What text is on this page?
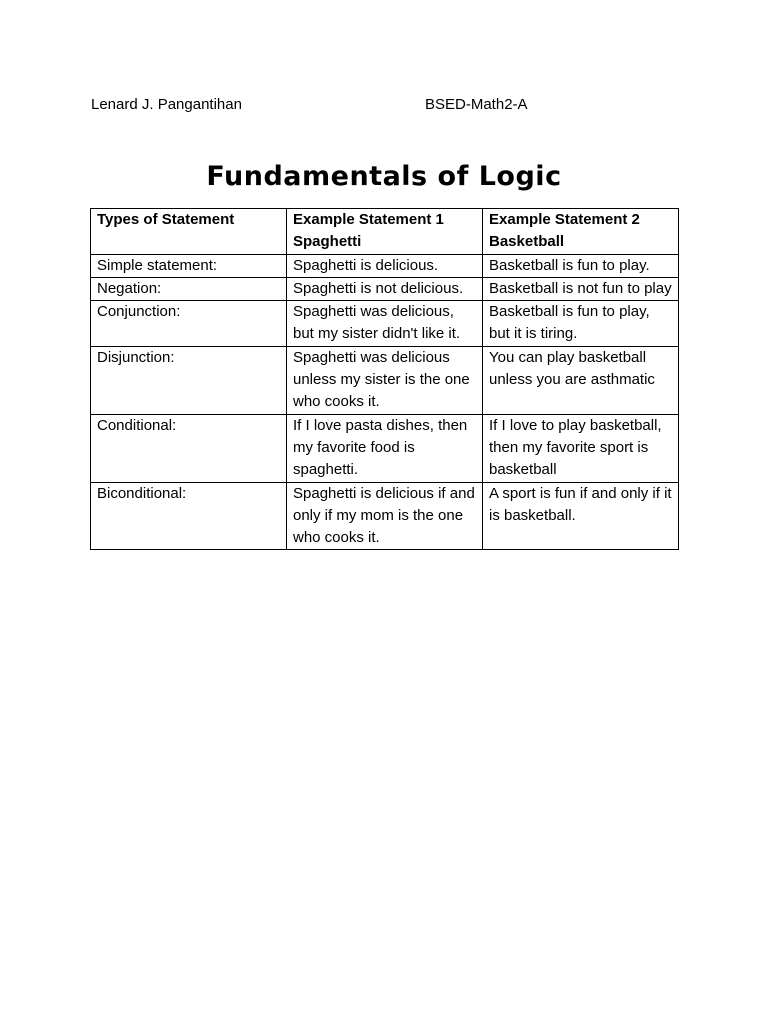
Lenard J. Pangantihan	BSED-Math2-A
Fundamentals of Logic
Types of Statement	Example Statement 1 Spaghetti	Example Statement 2 Basketball
Simple statement:	Spaghetti is delicious.	Basketball is fun to play.
Negation:	Spaghetti is not delicious.	Basketball is not fun to play
Conjunction:	Spaghetti was delicious, but my sister didn't like it.	Basketball is fun to play, but it is tiring.
Disjunction:	Spaghetti was delicious unless my sister is the one who cooks it.	You can play basketball unless you are asthmatic
Conditional:	If I love pasta dishes, then my favorite food is spaghetti.	If I love to play basketball, then my favorite sport is basketball
Biconditional:	Spaghetti is delicious if and only if my mom is the one who cooks it.	A sport is fun if and only if it is basketball.
